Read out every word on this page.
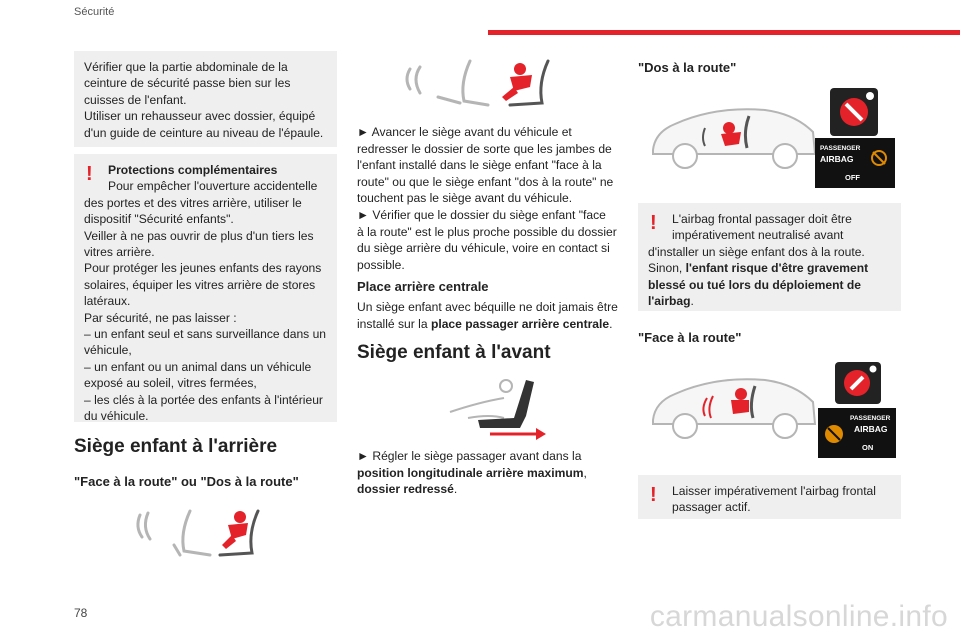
Sécurité
78	carmanualsonline.info

Vérifier que la partie abdominale de la

ceinture de sécurité passe bien sur les

cuisses de l'enfant.

Utiliser un rehausseur avec dossier, équipé

d'un guide de ceinture au niveau de l'épaule.

!	Protections complémentaires

Pour empêcher l'ouverture accidentelle

des portes et des vitres arrière, utiliser le

dispositif "Sécurité enfants".

Veiller à ne pas ouvrir de plus d'un tiers les

vitres arrière.

Pour protéger les jeunes enfants des rayons

solaires, équiper les vitres arrière de stores

latéraux.

Par sécurité, ne pas laisser :

– un enfant seul et sans surveillance dans un

véhicule,

– un enfant ou un animal dans un véhicule

exposé au soleil, vitres fermées,

– les clés à la portée des enfants à l'intérieur

du véhicule.

Siège enfant à l'arrière
"Face à la route" ou "Dos à la route"

► Avancer le siège avant du véhicule et

redresser le dossier de sorte que les jambes de

l'enfant installé dans le siège enfant "face à la

route" ou que le siège enfant "dos à la route" ne

touchent pas le siège avant du véhicule.

► Vérifier que le dossier du siège enfant "face

à la route" est le plus proche possible du dossier

du siège arrière du véhicule, voire en contact si

possible.

Place arrière centrale

Un siège enfant avec béquille ne doit jamais être

installé sur la place passager arrière centrale.

Siège enfant à l'avant

► Régler le siège passager avant dans la

position longitudinale arrière maximum,

dossier redressé.

"Dos à la route"
PASSENGER
AIRBAG
OFF
!	L'airbag frontal passager doit être

impérativement neutralisé avant

d'installer un siège enfant dos à la route.

Sinon, l'enfant risque d'être gravement

blessé ou tué lors du déploiement de

l'airbag.

"Face à la route"
PASSENGER
AIRBAG
ON
!	Laisser impérativement l'airbag frontal

passager actif.
